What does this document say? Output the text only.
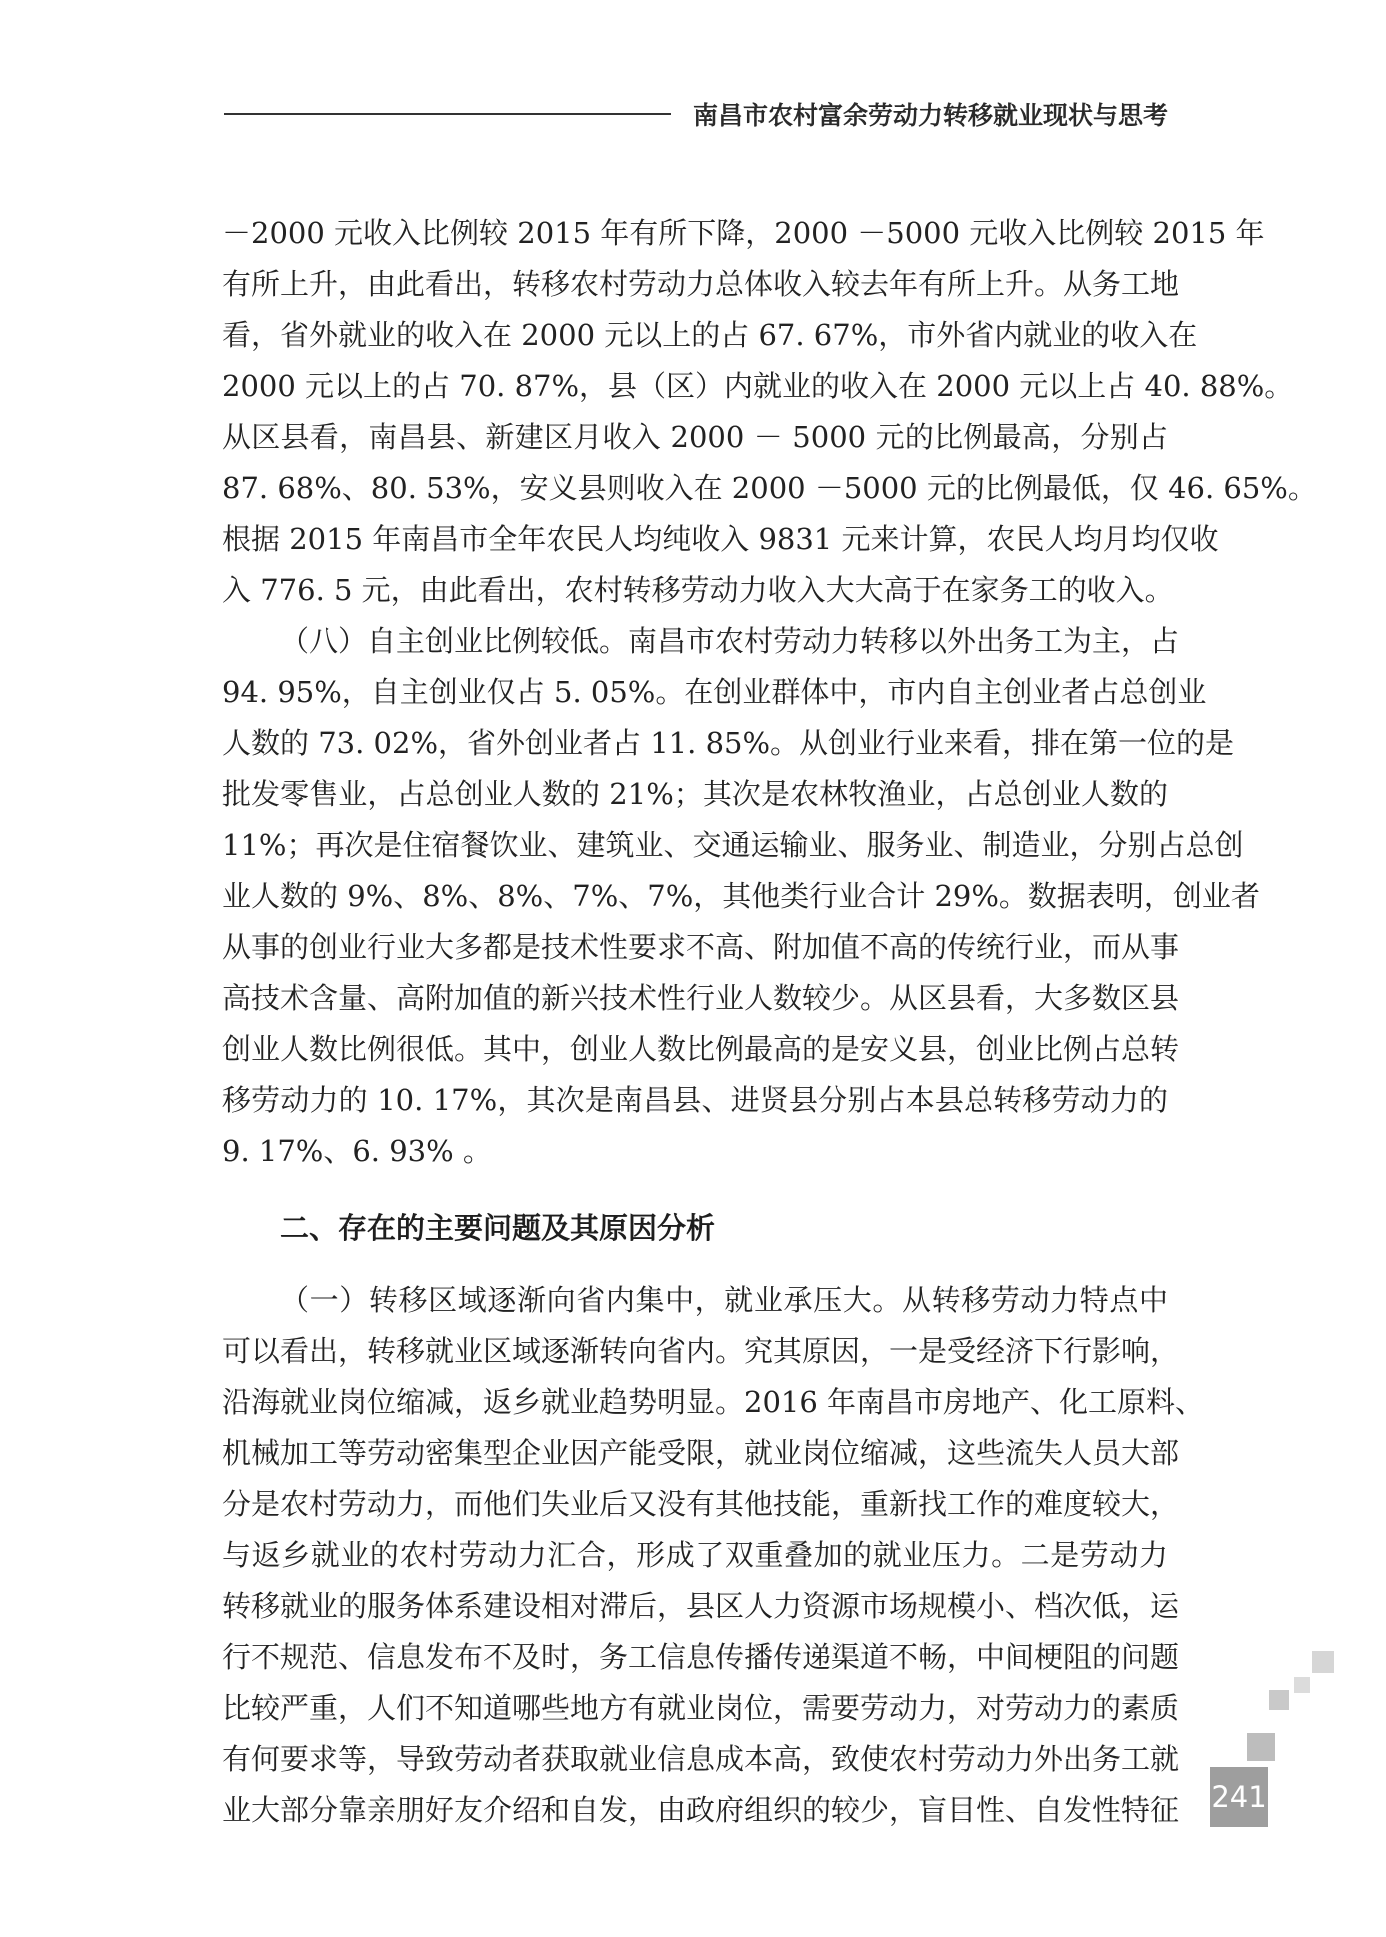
南昌市农村富余劳动力转移就业现状与思考
－2000 元收入比例较 2015 年有所下降，2000 －5000 元收入比例较 2015 年
有所上升，由此看出，转移农村劳动力总体收入较去年有所上升。从务工地
看，省外就业的收入在 2000 元以上的占 67. 67%，市外省内就业的收入在
2000 元以上的占 70. 87%，县（区）内就业的收入在 2000 元以上占 40. 88%。
从区县看，南昌县、新建区月收入 2000 － 5000 元的比例最高，分别占
87. 68%、80. 53%，安义县则收入在 2000 －5000 元的比例最低，仅 46. 65%。
根据 2015 年南昌市全年农民人均纯收入 9831 元来计算，农民人均月均仅收
入 776. 5 元，由此看出，农村转移劳动力收入大大高于在家务工的收入。
（八）自主创业比例较低。南昌市农村劳动力转移以外出务工为主，占
94. 95%，自主创业仅占 5. 05%。在创业群体中，市内自主创业者占总创业
人数的 73. 02%，省外创业者占 11. 85%。从创业行业来看，排在第一位的是
批发零售业，占总创业人数的 21%；其次是农林牧渔业，占总创业人数的
11%；再次是住宿餐饮业、建筑业、交通运输业、服务业、制造业，分别占总创
业人数的 9%、8%、8%、7%、7%，其他类行业合计 29%。数据表明，创业者
从事的创业行业大多都是技术性要求不高、附加值不高的传统行业，而从事
高技术含量、高附加值的新兴技术性行业人数较少。从区县看，大多数区县
创业人数比例很低。其中，创业人数比例最高的是安义县，创业比例占总转
移劳动力的 10. 17%，其次是南昌县、进贤县分别占本县总转移劳动力的
9. 17%、6. 93% 。
二、存在的主要问题及其原因分析
（一）转移区域逐渐向省内集中，就业承压大。从转移劳动力特点中
可以看出，转移就业区域逐渐转向省内。究其原因，一是受经济下行影响，
沿海就业岗位缩减，返乡就业趋势明显。2016 年南昌市房地产、化工原料、
机械加工等劳动密集型企业因产能受限，就业岗位缩减，这些流失人员大部
分是农村劳动力，而他们失业后又没有其他技能，重新找工作的难度较大，
与返乡就业的农村劳动力汇合，形成了双重叠加的就业压力。二是劳动力
转移就业的服务体系建设相对滞后，县区人力资源市场规模小、档次低，运
行不规范、信息发布不及时，务工信息传播传递渠道不畅，中间梗阻的问题
比较严重，人们不知道哪些地方有就业岗位，需要劳动力，对劳动力的素质
有何要求等，导致劳动者获取就业信息成本高，致使农村劳动力外出务工就
业大部分靠亲朋好友介绍和自发，由政府组织的较少，盲目性、自发性特征 241
